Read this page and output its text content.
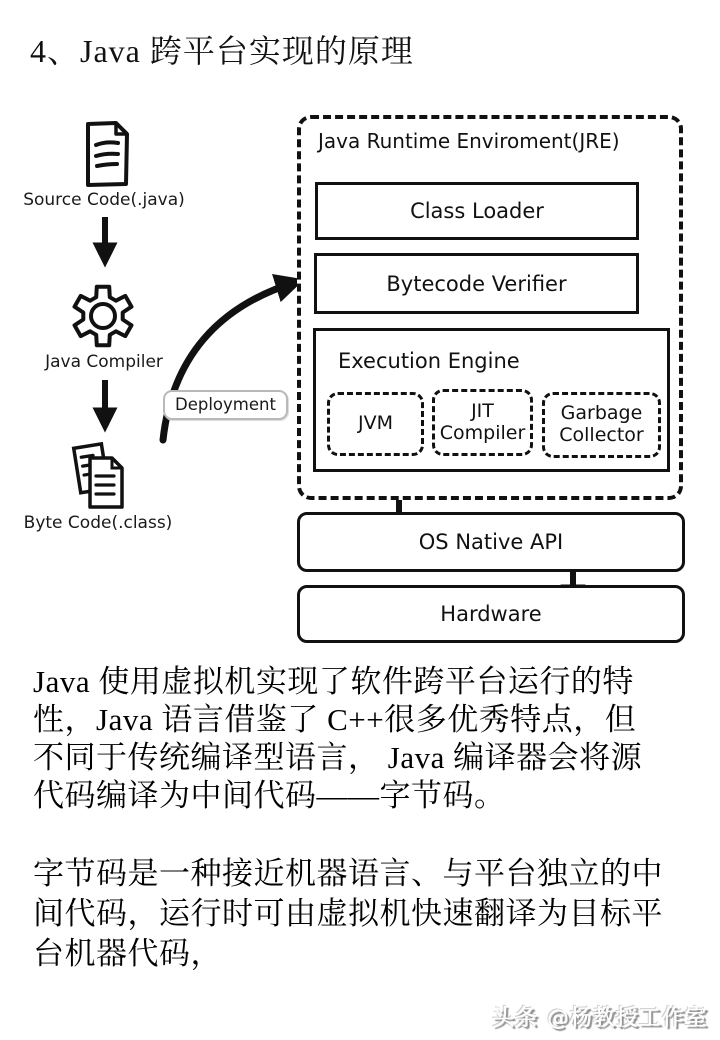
4、Java 跨平台实现的原理
Source Code(.java)
Java Compiler
Byte Code(.class)
Deployment
Java Runtime Enviroment(JRE)
Class Loader
Bytecode Verifier
Execution Engine
JVM
JIT Compiler
Garbage Collector
OS Native API
Hardware
Java 使用虚拟机实现了软件跨平台运行的特
性，Java 语言借鉴了 C++很多优秀特点，但
不同于传统编译型语言， Java 编译器会将源
代码编译为中间代码——字节码。
字节码是一种接近机器语言、与平台独立的中
间代码，运行时可由虚拟机快速翻译为目标平
台机器代码，
头条 @杨教授工作室
